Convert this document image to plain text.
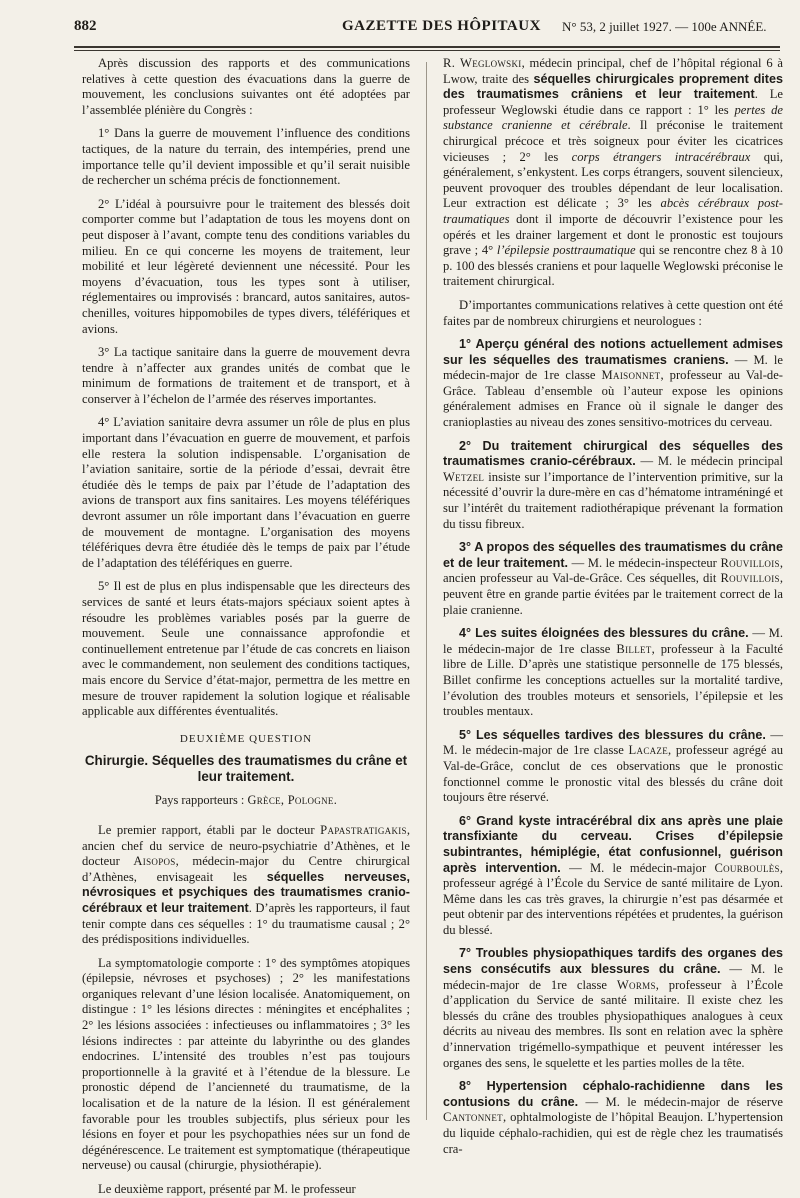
882	GAZETTE DES HÔPITAUX N° 53, 2 juillet 1927. — 100e ANNÉE.

Après discussion des rapports et des communications relatives à cette question des évacuations dans la guerre de mouvement, les conclusions suivantes ont été adoptées par l’assemblée plénière du Congrès :

1° Dans la guerre de mouvement l’influence des conditions tactiques, de la nature du terrain, des intempéries, prend une importance telle qu’il devient impossible et qu’il serait nuisible de rechercher un schéma précis de fonctionnement.

2° L’idéal à poursuivre pour le traitement des blessés doit comporter comme but l’adaptation de tous les moyens dont on peut disposer à l’avant, compte tenu des conditions variables du milieu. En ce qui concerne les moyens de traitement, leur mobilité et leur légèreté deviennent une nécessité. Pour les moyens d’évacuation, tous les types sont à utiliser, réglementaires ou improvisés : brancard, autos sanitaires, autos-chenilles, voitures hippomobiles de types divers, téléfériques et avions.

3° La tactique sanitaire dans la guerre de mouvement devra tendre à n’affecter aux grandes unités de combat que le minimum de formations de traitement et de transport, et à conserver à l’échelon de l’armée des réserves importantes.

4° L’aviation sanitaire devra assumer un rôle de plus en plus important dans l’évacuation en guerre de mouvement, et parfois elle restera la solution indispensable. L’organisation de l’aviation sanitaire, sortie de la période d’essai, devrait être étudiée dès le temps de paix par l’étude de l’adaptation des avions de transport aux fins sanitaires. Les moyens téléfériques devront assumer un rôle important dans l’évacuation en guerre de mouvement de montagne. L’organisation des moyens téléfériques devra être étudiée dès le temps de paix par l’étude de l’adaptation des téléfériques en guerre.

5° Il est de plus en plus indispensable que les directeurs des services de santé et leurs états-majors spéciaux soient aptes à résoudre les problèmes variables posés par la guerre de mouvement. Seule une connaissance approfondie et continuellement entretenue par l’étude de cas concrets en liaison avec le commandement, non seulement des conditions tactiques, mais encore du Service d’état-major, permettra de les mettre en mesure de trouver rapidement la solution logique et réalisable applicable aux différentes éventualités.

DEUXIÈME QUESTION
Chirurgie. Séquelles des traumatismes du crâne et leur traitement.
Pays rapporteurs : Grèce, Pologne.

Le premier rapport, établi par le docteur Papastratigakis, ancien chef du service de neuro-psychiatrie d’Athènes, et le docteur Aisopos, médecin-major du Centre chirurgical d’Athènes, envisageait les séquelles nerveuses, névrosiques et psychiques des traumatismes cranio-cérébraux et leur traitement. D’après les rapporteurs, il faut tenir compte dans ces séquelles : 1° du traumatisme causal ; 2° des prédispositions individuelles.

La symptomatologie comporte : 1° des symptômes atopiques (épilepsie, névroses et psychoses) ; 2° les manifestations organiques relevant d’une lésion localisée. Anatomiquement, on distingue : 1° les lésions directes : méningites et encéphalites ; 2° les lésions associées : infectieuses ou inflammatoires ; 3° les lésions indirectes : par atteinte du labyrinthe ou des glandes endocrines. L’intensité des troubles n’est pas toujours proportionnelle à la gravité et à l’étendue de la blessure. Le pronostic dépend de l’ancienneté du traumatisme, de la localisation et de la nature de la lésion. Il est généralement favorable pour les troubles subjectifs, plus sérieux pour les lésions en foyer et pour les psychopathies nées sur un fond de dégénérescence. Le traitement est symptomatique (thérapeutique nerveuse) ou causal (chirurgie, physiothérapie).

Le deuxième rapport, présenté par M. le professeur

R. Weglowski, médecin principal, chef de l’hôpital régional 6 à Lwow, traite des séquelles chirurgicales proprement dites des traumatismes crâniens et leur traitement. Le professeur Weglowski étudie dans ce rapport : 1° les pertes de substance cranienne et cérébrale. Il préconise le traitement chirurgical précoce et très soigneux pour éviter les cicatrices vicieuses ; 2° les corps étrangers intracérébraux qui, généralement, s’enkystent. Les corps étrangers, souvent silencieux, peuvent provoquer des troubles dépendant de leur localisation. Leur extraction est délicate ; 3° les abcès cérébraux post-traumatiques dont il importe de découvrir l’existence pour les opérés et les drainer largement et dont le pronostic est toujours grave ; 4° l’épilepsie posttraumatique qui se rencontre chez 8 à 10 p. 100 des blessés craniens et pour laquelle Weglowski préconise le traitement chirurgical.

D’importantes communications relatives à cette question ont été faites par de nombreux chirurgiens et neurologues :

1° Aperçu général des notions actuellement admises sur les séquelles des traumatismes craniens. — M. le médecin-major de 1re classe Maisonnet, professeur au Val-de-Grâce. Tableau d’ensemble où l’auteur expose les opinions généralement admises en France où il signale le danger des cranioplasties au niveau des zones sensitivo-motrices du cerveau.

2° Du traitement chirurgical des séquelles des traumatismes cranio-cérébraux. — M. le médecin principal Wetzel insiste sur l’importance de l’intervention primitive, sur la nécessité d’ouvrir la dure-mère en cas d’hématome intraméningé et sur l’intérêt du traitement radiothérapique prévenant la formation du tissu fibreux.

3° A propos des séquelles des traumatismes du crâne et de leur traitement. — M. le médecin-inspecteur Rouvillois, ancien professeur au Val-de-Grâce. Ces séquelles, dit Rouvillois, peuvent être en grande partie évitées par le traitement correct de la plaie cranienne.

4° Les suites éloignées des blessures du crâne. — M. le médecin-major de 1re classe Billet, professeur à la Faculté libre de Lille. D’après une statistique personnelle de 175 blessés, Billet confirme les conceptions actuelles sur la mortalité tardive, l’évolution des troubles moteurs et sensoriels, l’épilepsie et les troubles mentaux.

5° Les séquelles tardives des blessures du crâne. — M. le médecin-major de 1re classe Lacaze, professeur agrégé au Val-de-Grâce, conclut de ces observations que le pronostic fonctionnel comme le pronostic vital des blessés du crâne doit toujours être réservé.

6° Grand kyste intracérébral dix ans après une plaie transfixiante du cerveau. Crises d’épilepsie subintrantes, hémiplégie, état confusionnel, guérison après intervention. — M. le médecin-major Courboulès, professeur agrégé à l’École du Service de santé militaire de Lyon. Même dans les cas très graves, la chirurgie n’est pas désarmée et peut obtenir par des interventions répétées et prudentes, la guérison du blessé.

7° Troubles physiopathiques tardifs des organes des sens consécutifs aux blessures du crâne. — M. le médecin-major de 1re classe Worms, professeur à l’École d’application du Service de santé militaire. Il existe chez les blessés du crâne des troubles physiopathiques analogues à ceux décrits au niveau des membres. Ils sont en relation avec la sphère d’innervation trigémello-sympathique et peuvent intéresser les organes des sens, le squelette et les parties molles de la tête.

8° Hypertension céphalo-rachidienne dans les contusions du crâne. — M. le médecin-major de réserve Cantonnet, ophtalmologiste de l’hôpital Beaujon. L’hypertension du liquide céphalo-rachidien, qui est de règle chez les traumatisés cra-
